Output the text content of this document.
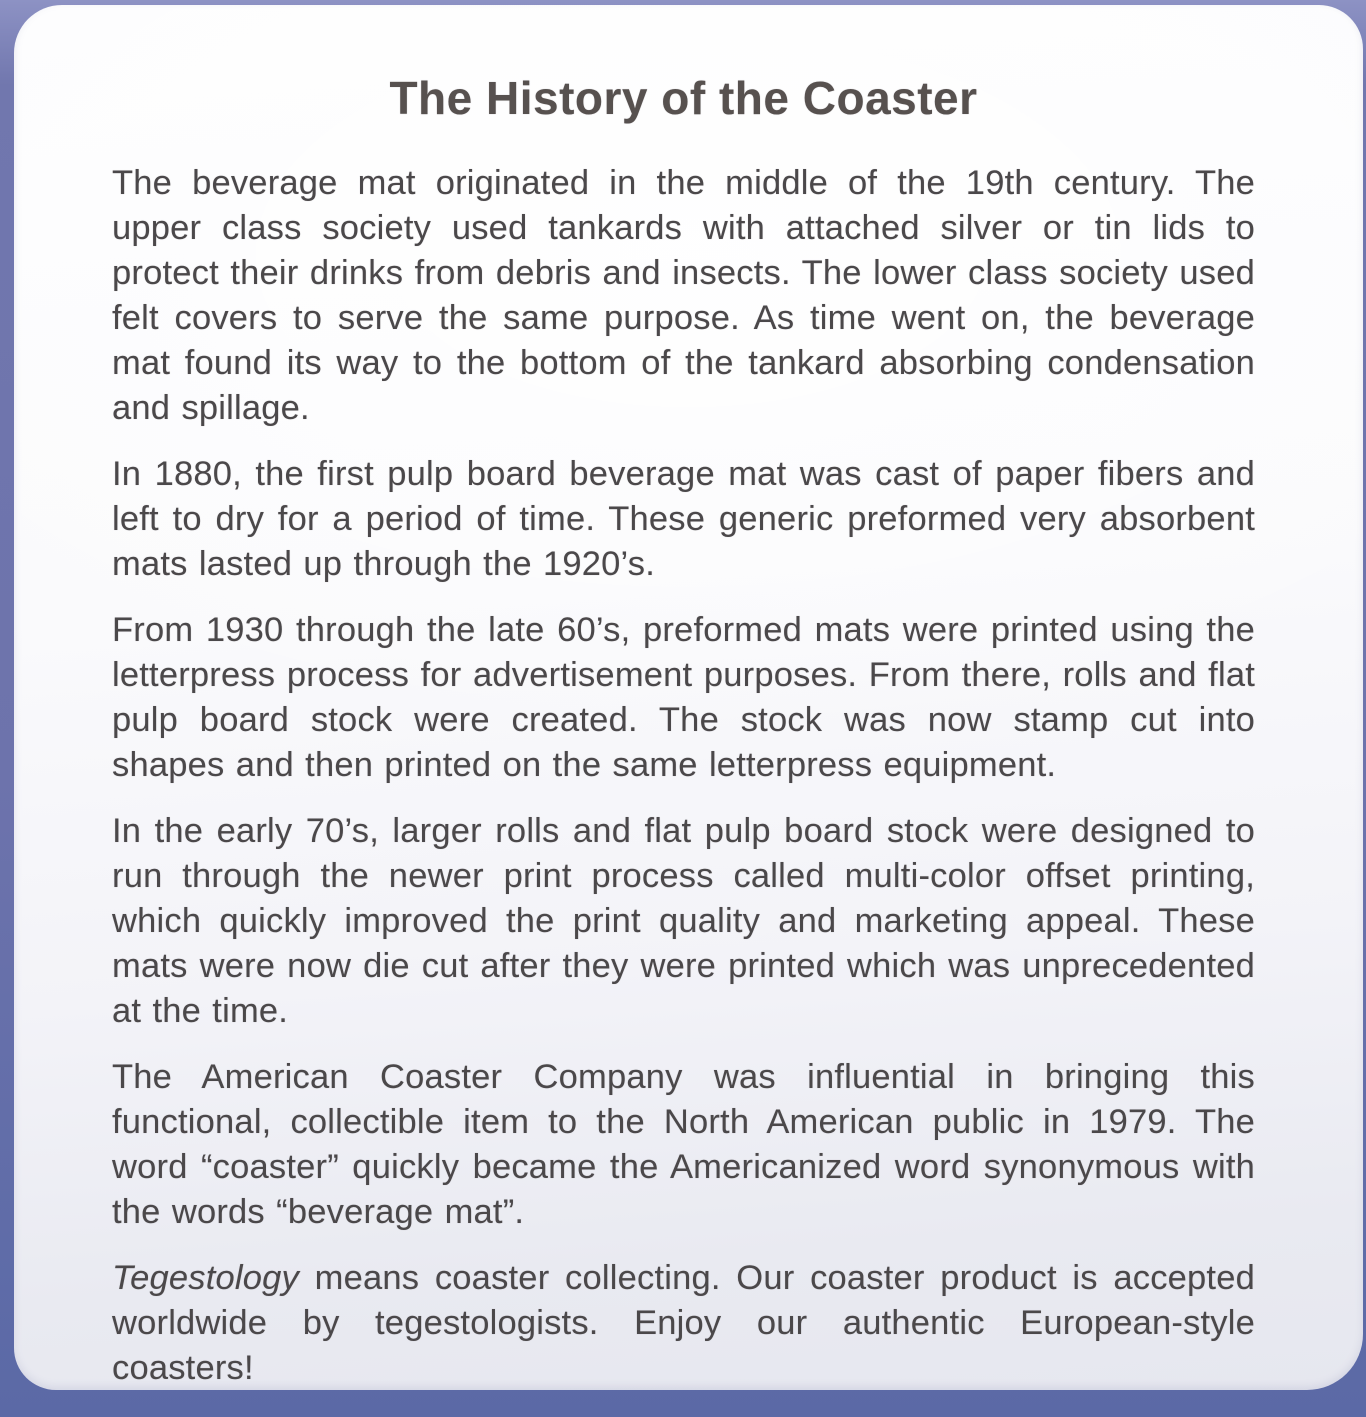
The History of the Coaster

The beverage mat originated in the middle of the 19th century. The upper class society used tankards with attached silver or tin lids to protect their drinks from debris and insects. The lower class society used felt covers to serve the same purpose. As time went on, the beverage mat found its way to the bottom of the tankard absorbing condensation and spillage.

In 1880, the first pulp board beverage mat was cast of paper fibers and left to dry for a period of time. These generic preformed very absorbent mats lasted up through the 1920’s.

From 1930 through the late 60’s, preformed mats were printed using the letterpress process for advertisement purposes. From there, rolls and flat pulp board stock were created. The stock was now stamp cut into shapes and then printed on the same letterpress equipment.

In the early 70’s, larger rolls and flat pulp board stock were designed to run through the newer print process called multi-color offset printing, which quickly improved the print quality and marketing appeal. These mats were now die cut after they were printed which was unprecedented at the time.

The American Coaster Company was influential in bringing this functional, collectible item to the North American public in 1979. The word “coaster” quickly became the Americanized word synonymous with the words “beverage mat”.

Tegestology means coaster collecting. Our coaster product is accepted worldwide by tegestologists. Enjoy our authentic European-style coasters!
